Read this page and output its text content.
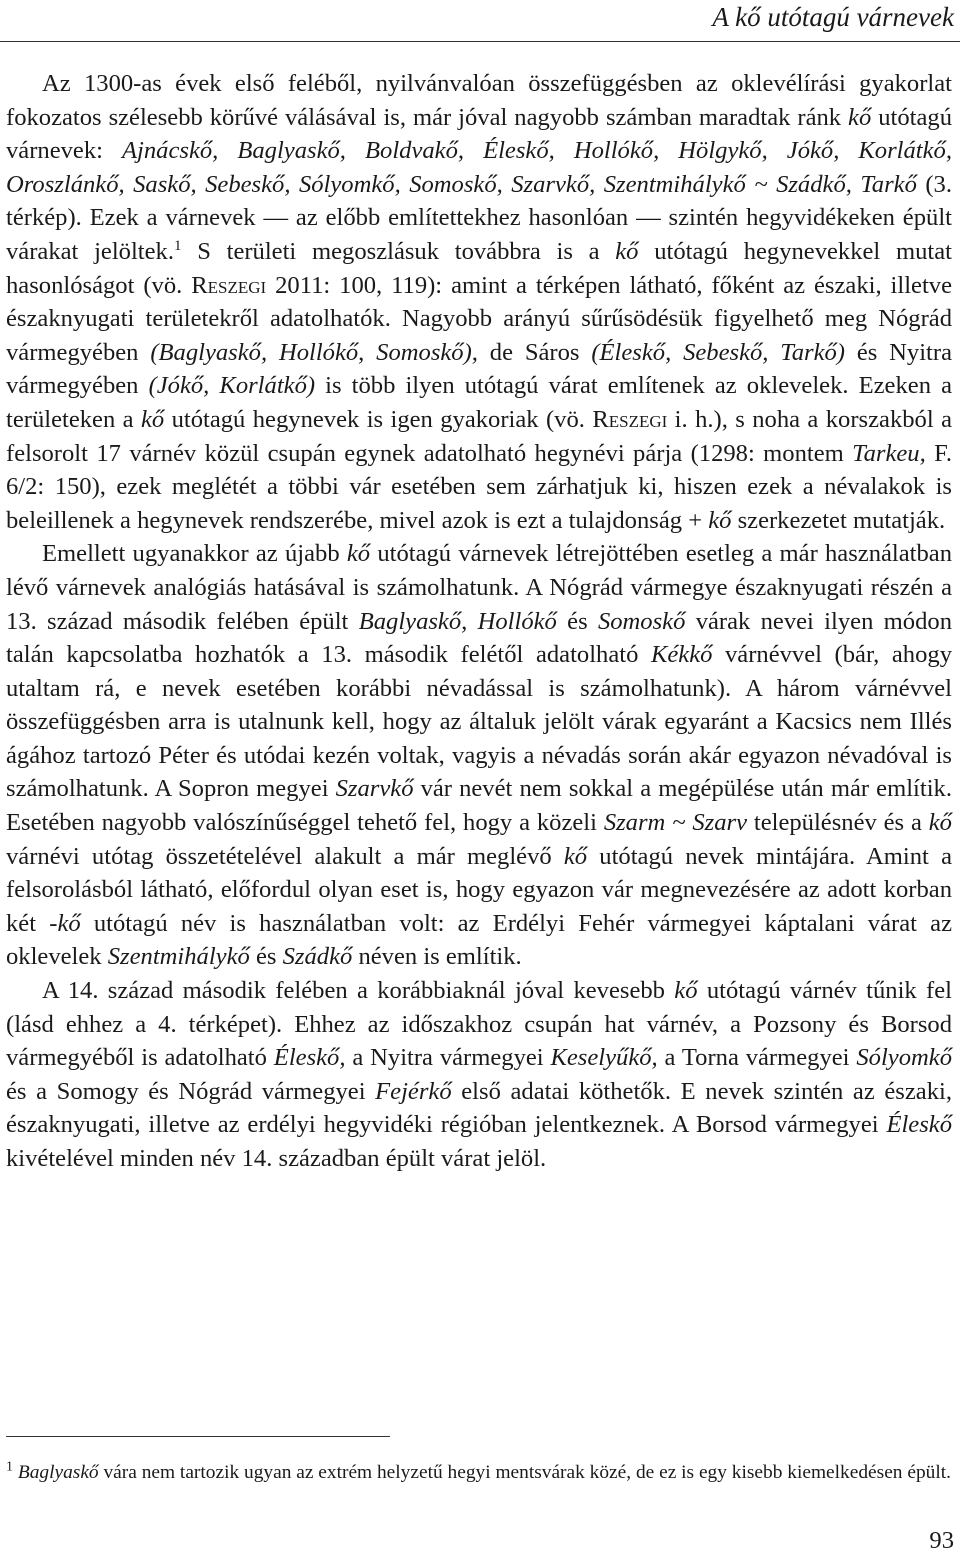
A kő utótagú várnevek

Az 1300-as évek első feléből, nyilvánvalóan összefüggésben az oklevélírási gyakorlat fokozatos szélesebb körűvé válásával is, már jóval nagyobb számban maradtak ránk kő utótagú várnevek: Ajnácskő, Baglyaskő, Boldvakő, Éleskő, Hollókő, Hölgykő, Jókő, Korlátkő, Oroszlánkő, Saskő, Sebeskő, Sólyomkő, Somoskő, Szarvkő, Szentmihálykő ~ Szádkő, Tarkő (3. térkép). Ezek a várnevek — az előbb említettekhez hasonlóan — szintén hegyvidékeken épült várakat jelöltek.$^1$ S területi megoszlásuk továbbra is a kő utótagú hegynevekkel mutat hasonlóságot (vö. Reszegi 2011: 100, 119): amint a térképen látható, főként az északi, illetve északnyugati területekről adatolhatók. Nagyobb arányú sűrűsödésük figyelhető meg Nógrád vármegyében (Baglyaskő, Hollókő, Somoskő), de Sáros (Éleskő, Sebeskő, Tarkő) és Nyitra vármegyében (Jókő, Korlátkő) is több ilyen utótagú várat említenek az oklevelek. Ezeken a területeken a kő utótagú hegynevek is igen gyakoriak (vö. Reszegi i. h.), s noha a korszakból a felsorolt 17 várnév közül csupán egynek adatolható hegynévi párja (1298: montem Tarkeu, F. 6/2: 150), ezek meglétét a többi vár esetében sem zárhatjuk ki, hiszen ezek a névalakok is beleillenek a hegynevek rendszerébe, mivel azok is ezt a tulajdonság + kő szerkezetet mutatják.

Emellett ugyanakkor az újabb kő utótagú várnevek létrejöttében esetleg a már használatban lévő várnevek analógiás hatásával is számolhatunk. A Nógrád vármegye északnyugati részén a 13. század második felében épült Baglyaskő, Hollókő és Somoskő várak nevei ilyen módon talán kapcsolatba hozhatók a 13. második felétől adatolható Kékkő várnévvel (bár, ahogy utaltam rá, e nevek esetében korábbi névadással is számolhatunk). A három várnévvel összefüggésben arra is utalnunk kell, hogy az általuk jelölt várak egyaránt a Kacsics nem Illés ágához tartozó Péter és utódai kezén voltak, vagyis a névadás során akár egyazon névadóval is számolhatunk. A Sopron megyei Szarvkő vár nevét nem sokkal a megépülése után már említik. Esetében nagyobb valószínűséggel tehető fel, hogy a közeli Szarm ~ Szarv településnév és a kő várnévi utótag összetételével alakult a már meglévő kő utótagú nevek mintájára. Amint a felsorolásból látható, előfordul olyan eset is, hogy egyazon vár megnevezésére az adott korban két -kő utótagú név is használatban volt: az Erdélyi Fehér vármegyei káptalani várat az oklevelek Szentmihálykő és Szádkő néven is említik.

A 14. század második felében a korábbiaknál jóval kevesebb kő utótagú várnév tűnik fel (lásd ehhez a 4. térképet). Ehhez az időszakhoz csupán hat várnév, a Pozsony és Borsod vármegyéből is adatolható Éleskő, a Nyitra vármegyei Keselyűkő, a Torna vármegyei Sólyomkő és a Somogy és Nógrád vármegyei Fejérkő első adatai köthetők. E nevek szintén az északi, északnyugati, illetve az erdélyi hegyvidéki régióban jelentkeznek. A Borsod vármegyei Éleskő kivételével minden név 14. században épült várat jelöl.

$^1$ Baglyaskő vára nem tartozik ugyan az extrém helyzetű hegyi mentsvárak közé, de ez is egy kisebb kiemelkedésen épült.

93
